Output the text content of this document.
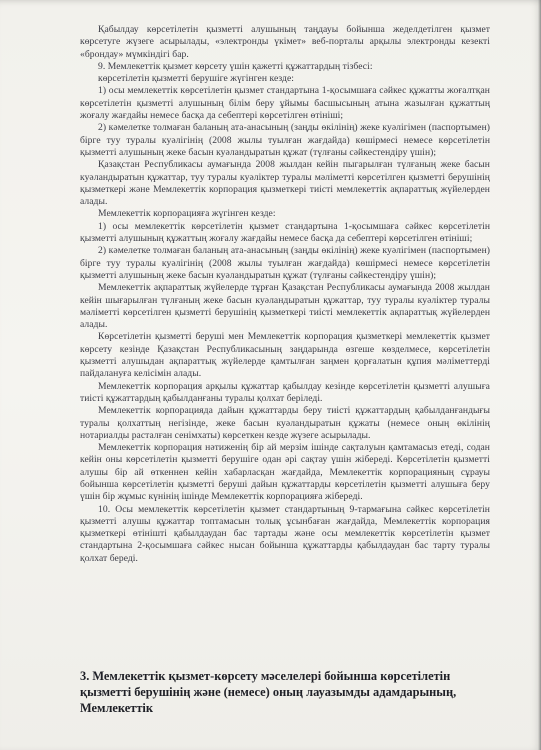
Қабылдау көрсетілетін қызметті алушының таңдауы бойынша жеделдетілген қызмет көрсетуге жүзеге асырылады, «электронды үкімет» веб-порталы арқылы электронды кезекті «брондау» мүмкіндігі бар.

9. Мемлекеттік қызмет көрсету үшін қажетті құжаттардың тізбесі:

көрсетілетін қызметті берушіге жүгінген кезде:

1) осы мемлекеттік көрсетілетін қызмет стандартына 1-қосымшаға сәйкес құжатты жоғалтқан көрсетілетін қызметті алушының білім беру ұйымы басшысының атына жазылған құжаттың жоғалу жағдайы немесе басқа да себептері көрсетілген өтініші;

2) кәмелетке толмаған баланың ата-анасының (заңды өкілінің) жеке куәлігімен (паспортымен) бірге туу туралы куәлігінің (2008 жылы туылған жағдайда) көшірмесі немесе көрсетілетін қызметті алушының жеке басын куәландыратын құжат (түлғаны сәйкестендіру үшін);

Қазақстан Республикасы аумағында 2008 жылдан кейін пыгарылған түлғаның жеке басын куәландыратын құжаттар, туу туралы куәліктер туралы мәліметті көрсетілген қызметті берушінің қызметкері және Мемлекеттік корпорация қызметкері тиісті мемлекеттік ақпараттық жүйелерден алады.

Мемлекеттік корпорацияға жүгінген кезде:

1) осы мемлекеттік көрсетілетін қызмет стандартына 1-қосымшаға сәйкес көрсетілетін қызметті алушының құжаттың жоғалу жағдайы немесе басқа да себептері көрсетілген өтініші;

2) кәмелетке толмаған баланың ата-анасының (заңды өкілінің) жеке куәлігімен (паспортымен) бірге туу туралы куәлігінің (2008 жылы туылған жағдайда) көшірмесі немесе көрсетілетін қызметті алушының жеке басын куәландыратын құжат (түлғаны сәйкестендіру үшін);

Мемлекеттік ақпараттық жүйелерде тұрған Қазақстан Республикасы аумағында 2008 жылдан кейін шығарылған түлғаның жеке басын куәландыратын құжаттар, туу туралы куәліктер туралы мәліметті көрсетілген қызметті берушінің қызметкері тиісті мемлекеттік ақпараттық жүйелерден алады.

Көрсетілетін қызметті беруші мен Мемлекеттік корпорация қызметкері мемлекеттік қызмет көрсету кезінде Қазақстан Республикасының заңдарында өзгеше көзделмесе, көрсетілетін қызметті алушыдан ақпараттық жүйелерде қамтылған заңмен қорғалатын құпия мәліметтерді пайдалануға келісімін алады.

Мемлекеттік корпорация арқылы құжаттар қабылдау кезінде көрсетілетін қызметті алушыға тиісті құжаттардың қабылданғаны туралы қолхат беріледі.

Мемлекеттік корпорацияда дайын құжаттарды беру тиісті құжаттардың қабылданғандығы туралы қолхаттың негізінде, жеке басын куәландыратын құжаты (немесе оның өкілінің нотариалды расталған сенімхаты) көрсеткен кезде жүзеге асырылады.

Мемлекеттік корпорация нәтиженің бір ай мерзім ішінде сақталуын қамтамасыз етеді, содан кейін оны көрсетілетін қызметті берушіге одан әрі сақтау үшін жібереді. Көрсетілетін қызметті алушы бір ай өткеннен кейін хабарласқан жағдайда, Мемлекеттік корпорацияның сұрауы бойынша көрсетілетін қызметті беруші дайын құжаттарды көрсетілетін қызметті алушыға беру үшін бір жұмыс күнінің ішінде Мемлекеттік корпорацияға жібереді.

10. Осы мемлекеттік көрсетілетін қызмет стандартының 9-тармағына сәйкес көрсетілетін қызметті алушы құжаттар топтамасын толық ұсынбаған жағдайда, Мемлекеттік корпорация қызметкері өтінішті қабылдаудан бас тартады және осы мемлекеттік көрсетілетін қызмет стандартына 2-қосымшаға сәйкес нысан бойынша құжаттарды қабылдаудан бас тарту туралы қолхат береді.

3. Мемлекеттік қызмет-көрсету мәселелері бойынша көрсетілетін қызметті берушінің және (немесе) оның лауазымды адамдарының, Мемлекеттік
